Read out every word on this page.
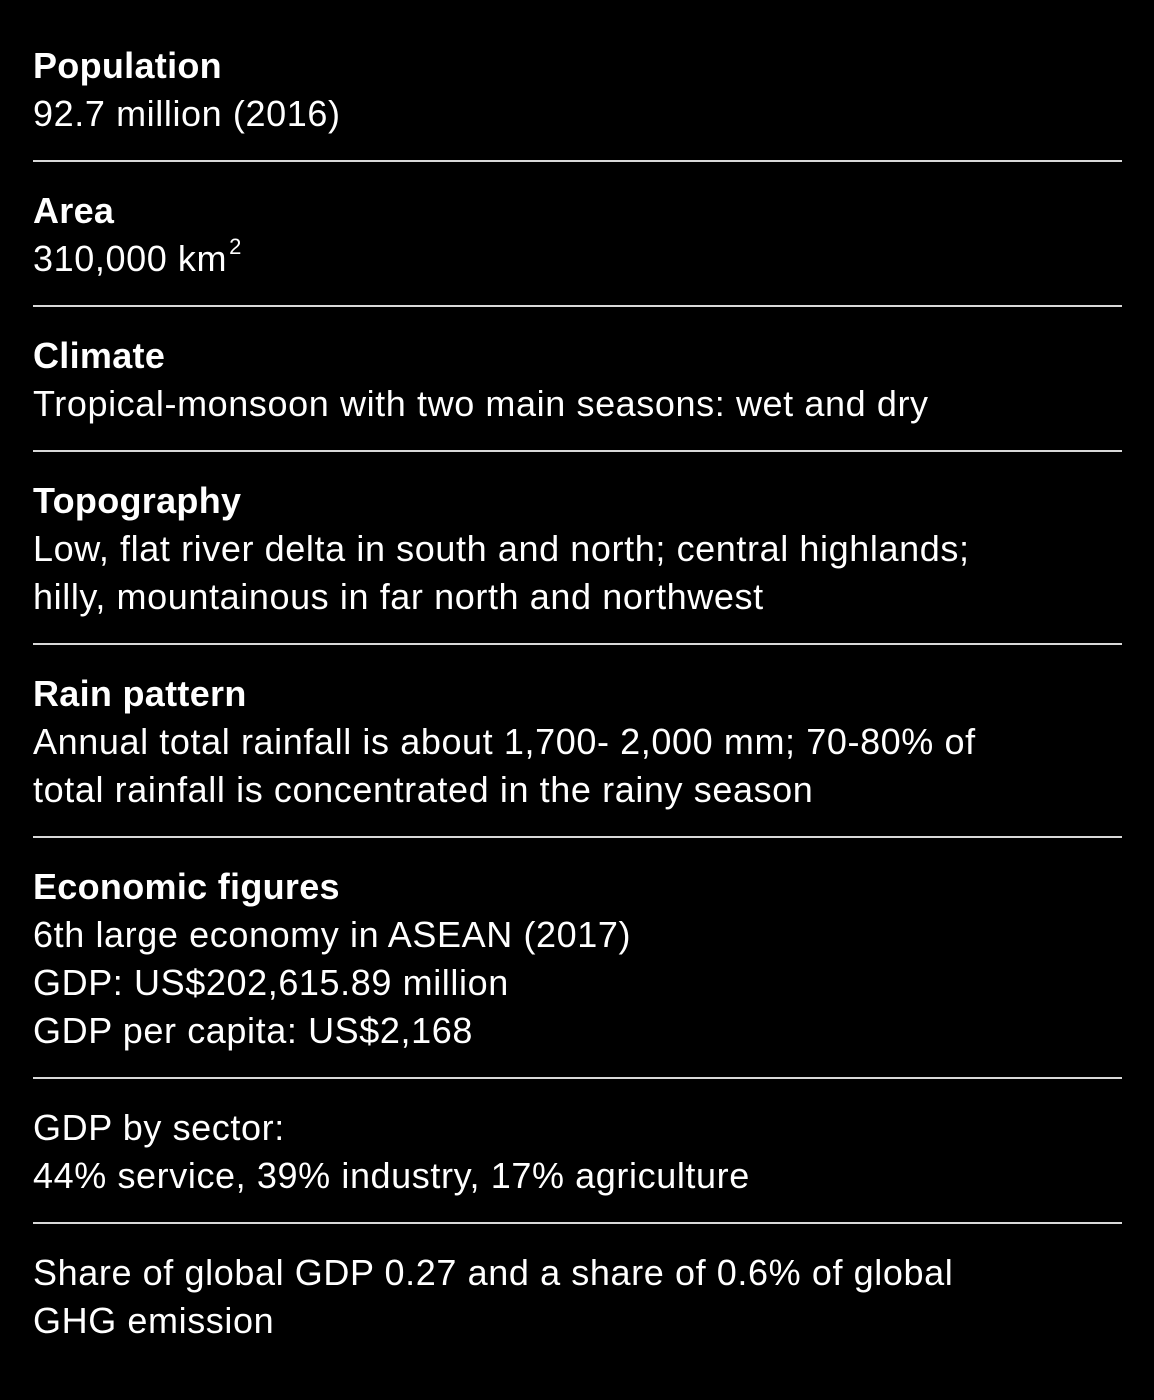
Population
92.7 million (2016)
Area
310,000 $km^2$
Climate
Tropical-monsoon with two main seasons: wet and dry
Topography
Low, flat river delta in south and north; central highlands;
hilly, mountainous in far north and northwest
Rain pattern
Annual total rainfall is about 1,700- 2,000 mm; 70-80% of
total rainfall is concentrated in the rainy season
Economic figures
6th large economy in ASEAN (2017)
GDP: US$202,615.89 million
GDP per capita: US$2,168
GDP by sector:
44% service, 39% industry, 17% agriculture
Share of global GDP 0.27 and a share of 0.6% of global
GHG emission
